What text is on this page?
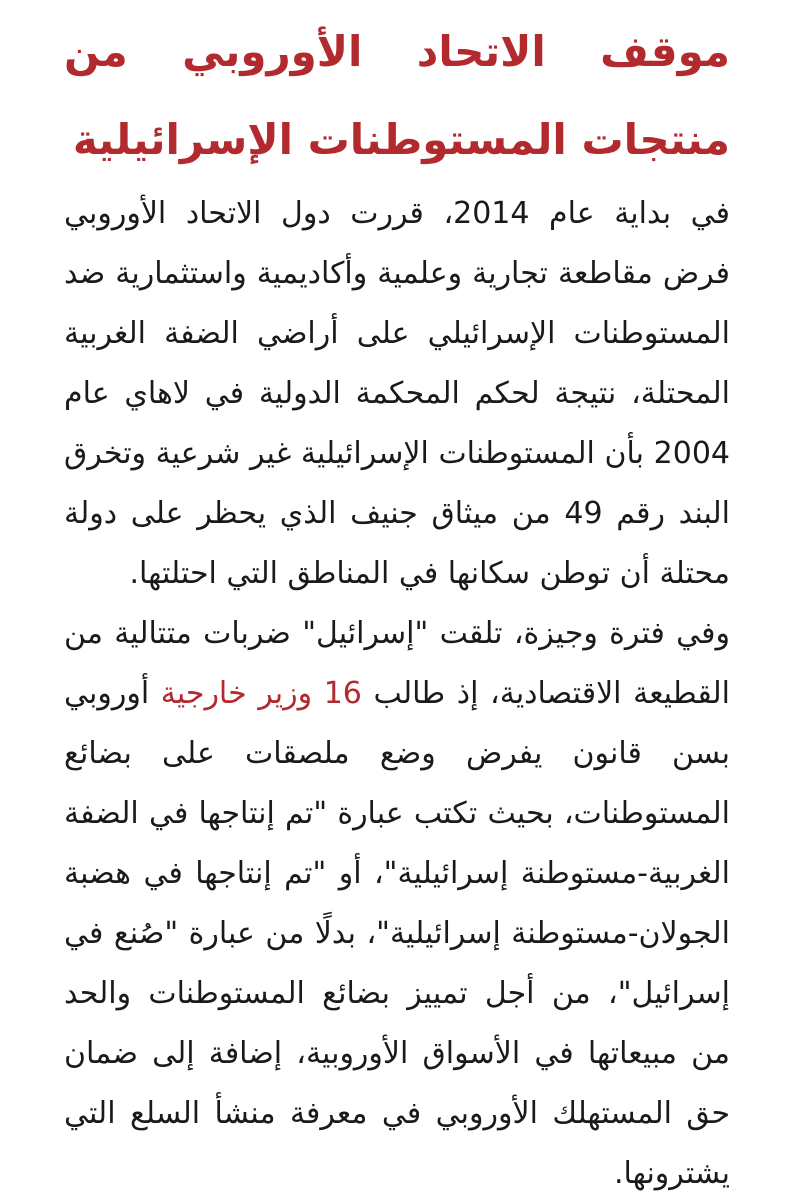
موقف الاتحاد الأوروبي من منتجات المستوطنات الإسرائيلية

في بداية عام 2014، قررت دول الاتحاد الأوروبي فرض مقاطعة تجارية وعلمية وأكاديمية واستثمارية ضد المستوطنات الإسرائيلي على أراضي الضفة الغربية المحتلة، نتيجة لحكم المحكمة الدولية في لاهاي عام 2004 بأن المستوطنات الإسرائيلية غير شرعية وتخرق البند رقم 49 من ميثاق جنيف الذي يحظر على دولة محتلة أن توطن سكانها في المناطق التي احتلتها.

وفي فترة وجيزة، تلقت "إسرائيل" ضربات متتالية من القطيعة الاقتصادية، إذ طالب 16 وزير خارجية أوروبي بسن قانون يفرض وضع ملصقات على بضائع المستوطنات، بحيث تكتب عبارة "تم إنتاجها في الضفة الغربية-مستوطنة إسرائيلية"، أو "تم إنتاجها في هضبة الجولان-مستوطنة إسرائيلية"، بدلًا من عبارة "صُنع في إسرائيل"، من أجل تمييز بضائع المستوطنات والحد من مبيعاتها في الأسواق الأوروبية، إضافة إلى ضمان حق المستهلك الأوروبي في معرفة منشأ السلع التي يشترونها.
